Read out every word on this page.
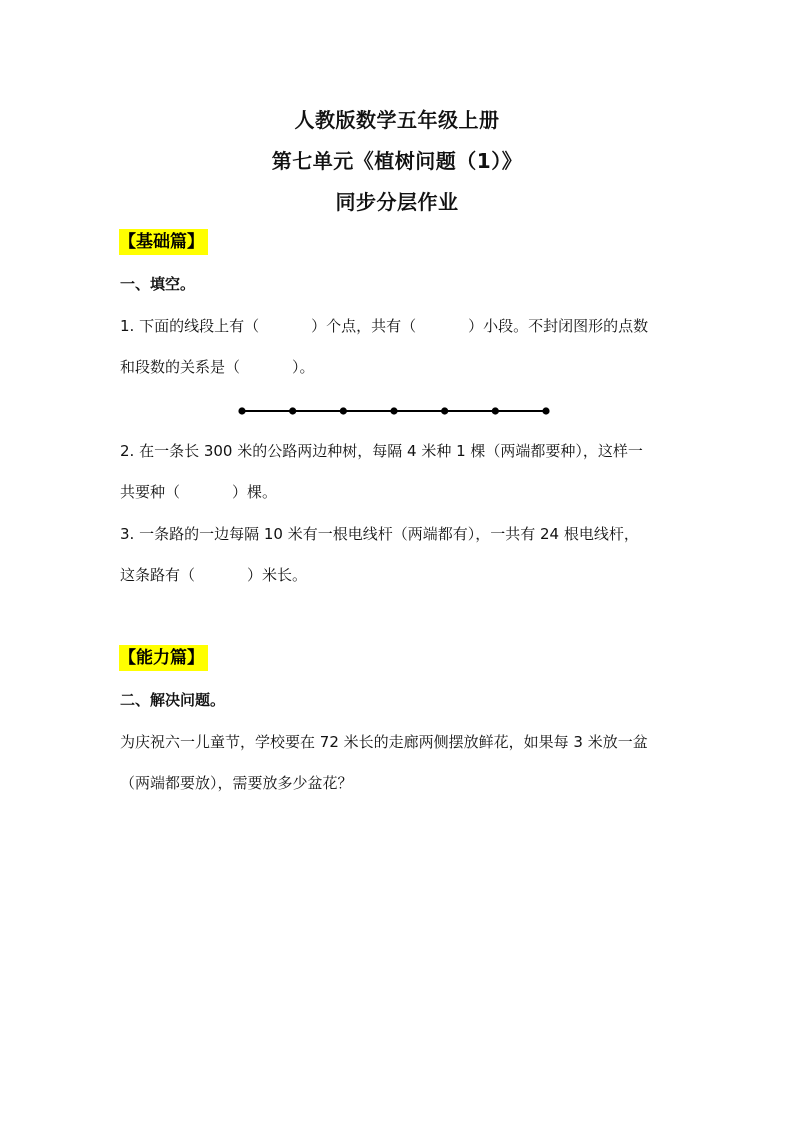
人教版数学五年级上册
第七单元《植树问题（1）》
同步分层作业
【基础篇】
一、填空。
1. 下面的线段上有（	）个点，共有（	）小段。不封闭图形的点数
和段数的关系是（	）。
2. 在一条长 300 米的公路两边种树，每隔 4 米种 1 棵（两端都要种），这样一
共要种（	）棵。
3. 一条路的一边每隔 10 米有一根电线杆（两端都有），一共有 24 根电线杆，
这条路有（	）米长。
【能力篇】
二、解决问题。
为庆祝六一儿童节，学校要在 72 米长的走廊两侧摆放鲜花，如果每 3 米放一盆
（两端都要放），需要放多少盆花？
